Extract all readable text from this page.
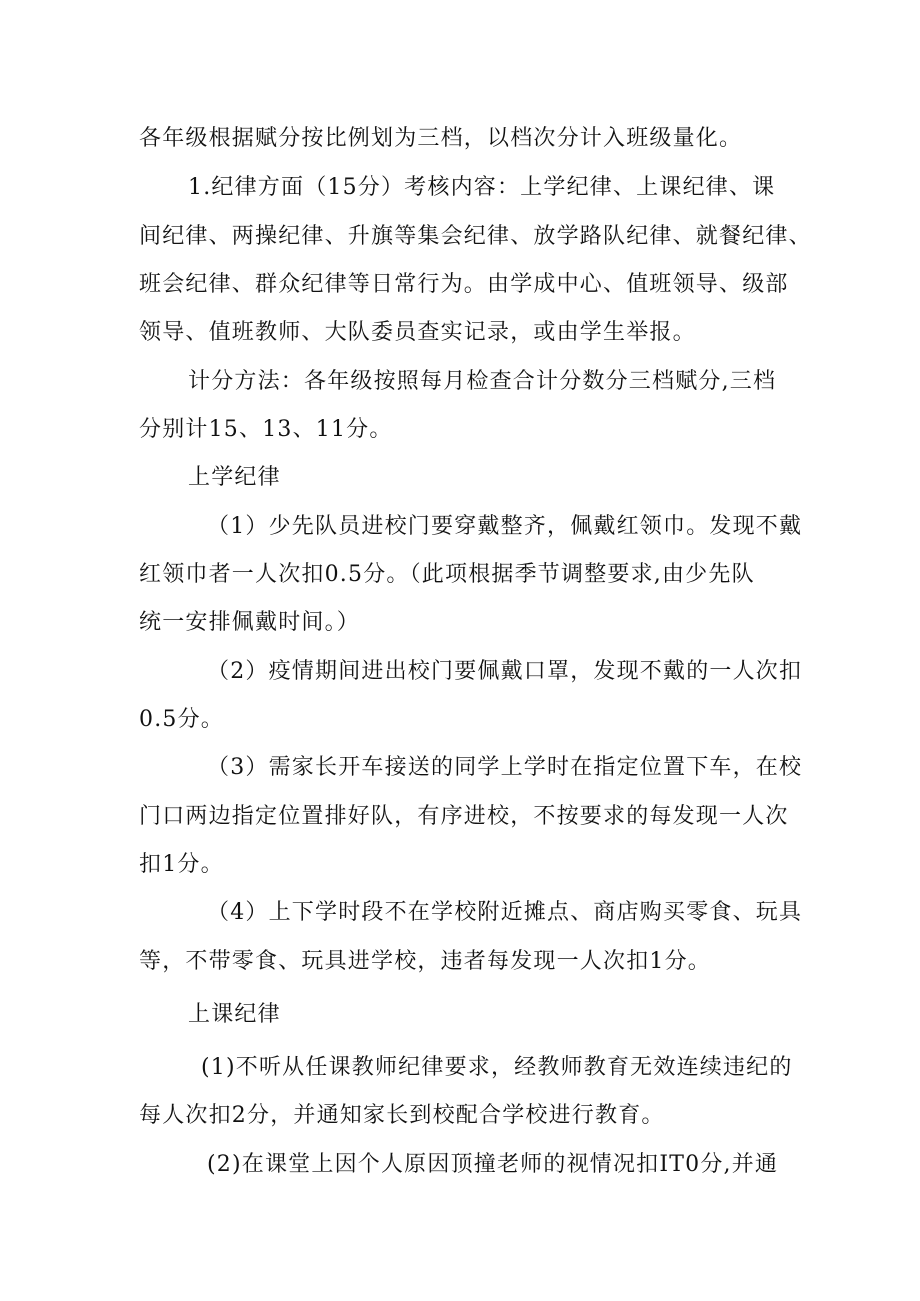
各年级根据赋分按比例划为三档，以档次分计入班级量化。
1.纪律方面（15分）考核内容：上学纪律、上课纪律、课
间纪律、两操纪律、升旗等集会纪律、放学路队纪律、就餐纪律、
班会纪律、群众纪律等日常行为。由学成中心、值班领导、级部
领导、值班教师、大队委员查实记录，或由学生举报。
计分方法：各年级按照每月检查合计分数分三档赋分,三档
分别计15、13、11分。
上学纪律
（1）少先队员进校门要穿戴整齐，佩戴红领巾。发现不戴
红领巾者一人次扣0.5分。（此项根据季节调整要求,由少先队
统一安排佩戴时间。）
（2）疫情期间进出校门要佩戴口罩，发现不戴的一人次扣
0.5分。
（3）需家长开车接送的同学上学时在指定位置下车，在校
门口两边指定位置排好队，有序进校，不按要求的每发现一人次
扣1分。
（4）上下学时段不在学校附近摊点、商店购买零食、玩具
等，不带零食、玩具进学校，违者每发现一人次扣1分。
上课纪律
(1)不听从任课教师纪律要求，经教师教育无效连续违纪的
每人次扣2分，并通知家长到校配合学校进行教育。
(2)在课堂上因个人原因顶撞老师的视情况扣IT0分,并通
